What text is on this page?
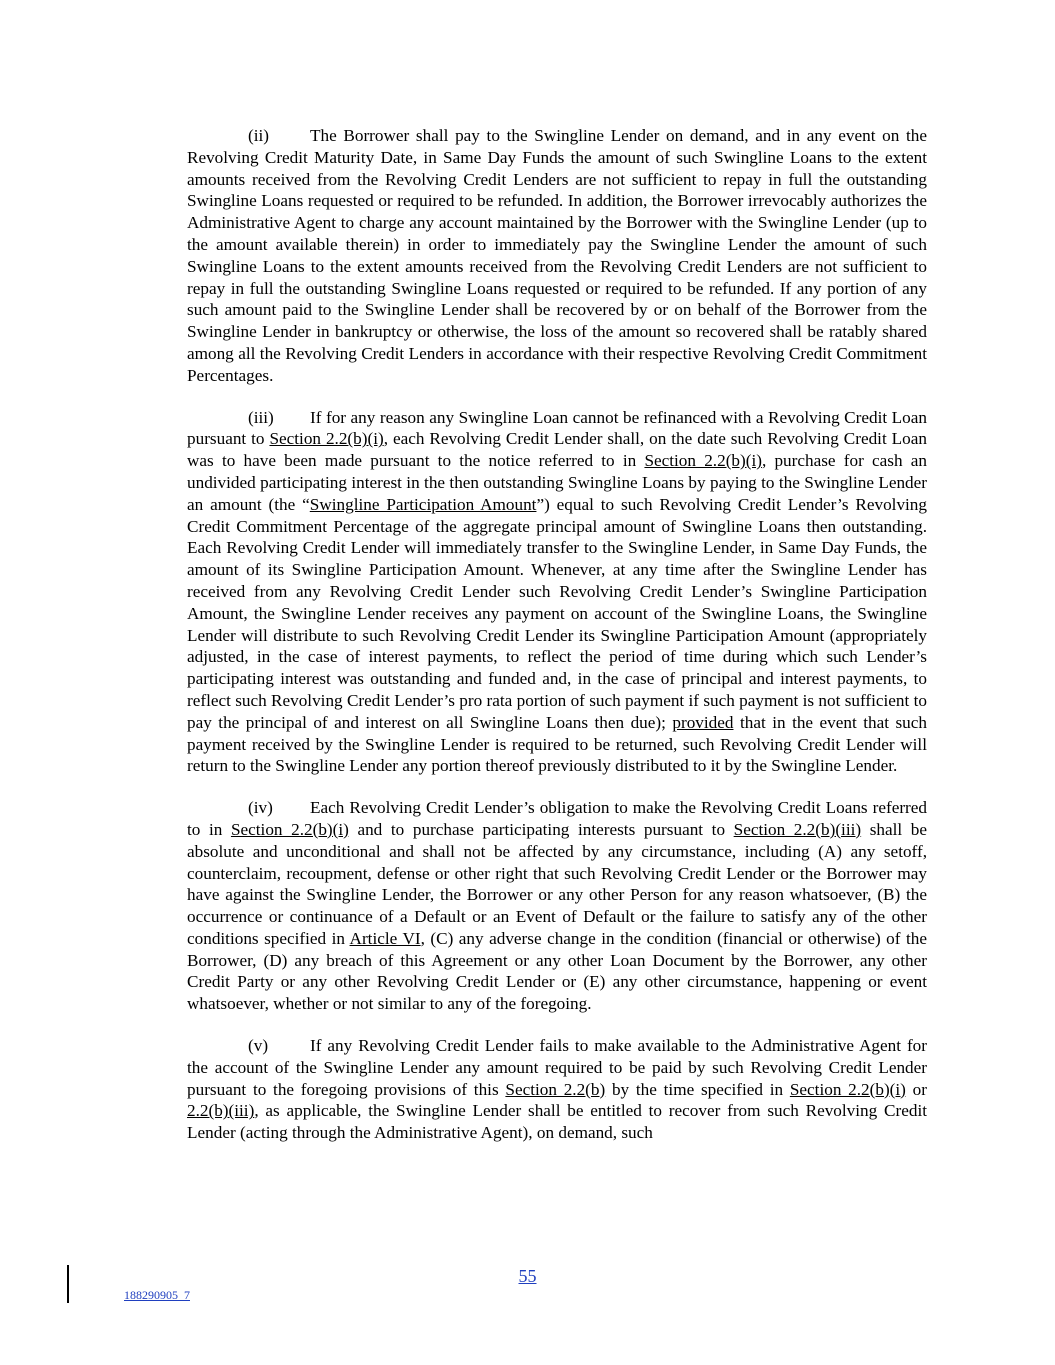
(ii) The Borrower shall pay to the Swingline Lender on demand, and in any event on the Revolving Credit Maturity Date, in Same Day Funds the amount of such Swingline Loans to the extent amounts received from the Revolving Credit Lenders are not sufficient to repay in full the outstanding Swingline Loans requested or required to be refunded. In addition, the Borrower irrevocably authorizes the Administrative Agent to charge any account maintained by the Borrower with the Swingline Lender (up to the amount available therein) in order to immediately pay the Swingline Lender the amount of such Swingline Loans to the extent amounts received from the Revolving Credit Lenders are not sufficient to repay in full the outstanding Swingline Loans requested or required to be refunded. If any portion of any such amount paid to the Swingline Lender shall be recovered by or on behalf of the Borrower from the Swingline Lender in bankruptcy or otherwise, the loss of the amount so recovered shall be ratably shared among all the Revolving Credit Lenders in accordance with their respective Revolving Credit Commitment Percentages.

(iii) If for any reason any Swingline Loan cannot be refinanced with a Revolving Credit Loan pursuant to Section 2.2(b)(i), each Revolving Credit Lender shall, on the date such Revolving Credit Loan was to have been made pursuant to the notice referred to in Section 2.2(b)(i), purchase for cash an undivided participating interest in the then outstanding Swingline Loans by paying to the Swingline Lender an amount (the “Swingline Participation Amount”) equal to such Revolving Credit Lender’s Revolving Credit Commitment Percentage of the aggregate principal amount of Swingline Loans then outstanding. Each Revolving Credit Lender will immediately transfer to the Swingline Lender, in Same Day Funds, the amount of its Swingline Participation Amount. Whenever, at any time after the Swingline Lender has received from any Revolving Credit Lender such Revolving Credit Lender’s Swingline Participation Amount, the Swingline Lender receives any payment on account of the Swingline Loans, the Swingline Lender will distribute to such Revolving Credit Lender its Swingline Participation Amount (appropriately adjusted, in the case of interest payments, to reflect the period of time during which such Lender’s participating interest was outstanding and funded and, in the case of principal and interest payments, to reflect such Revolving Credit Lender’s pro rata portion of such payment if such payment is not sufficient to pay the principal of and interest on all Swingline Loans then due); provided that in the event that such payment received by the Swingline Lender is required to be returned, such Revolving Credit Lender will return to the Swingline Lender any portion thereof previously distributed to it by the Swingline Lender.

(iv) Each Revolving Credit Lender’s obligation to make the Revolving Credit Loans referred to in Section 2.2(b)(i) and to purchase participating interests pursuant to Section 2.2(b)(iii) shall be absolute and unconditional and shall not be affected by any circumstance, including (A) any setoff, counterclaim, recoupment, defense or other right that such Revolving Credit Lender or the Borrower may have against the Swingline Lender, the Borrower or any other Person for any reason whatsoever, (B) the occurrence or continuance of a Default or an Event of Default or the failure to satisfy any of the other conditions specified in Article VI, (C) any adverse change in the condition (financial or otherwise) of the Borrower, (D) any breach of this Agreement or any other Loan Document by the Borrower, any other Credit Party or any other Revolving Credit Lender or (E) any other circumstance, happening or event whatsoever, whether or not similar to any of the foregoing.

(v) If any Revolving Credit Lender fails to make available to the Administrative Agent for the account of the Swingline Lender any amount required to be paid by such Revolving Credit Lender pursuant to the foregoing provisions of this Section 2.2(b) by the time specified in Section 2.2(b)(i) or 2.2(b)(iii), as applicable, the Swingline Lender shall be entitled to recover from such Revolving Credit Lender (acting through the Administrative Agent), on demand, such

55
188290905_7
